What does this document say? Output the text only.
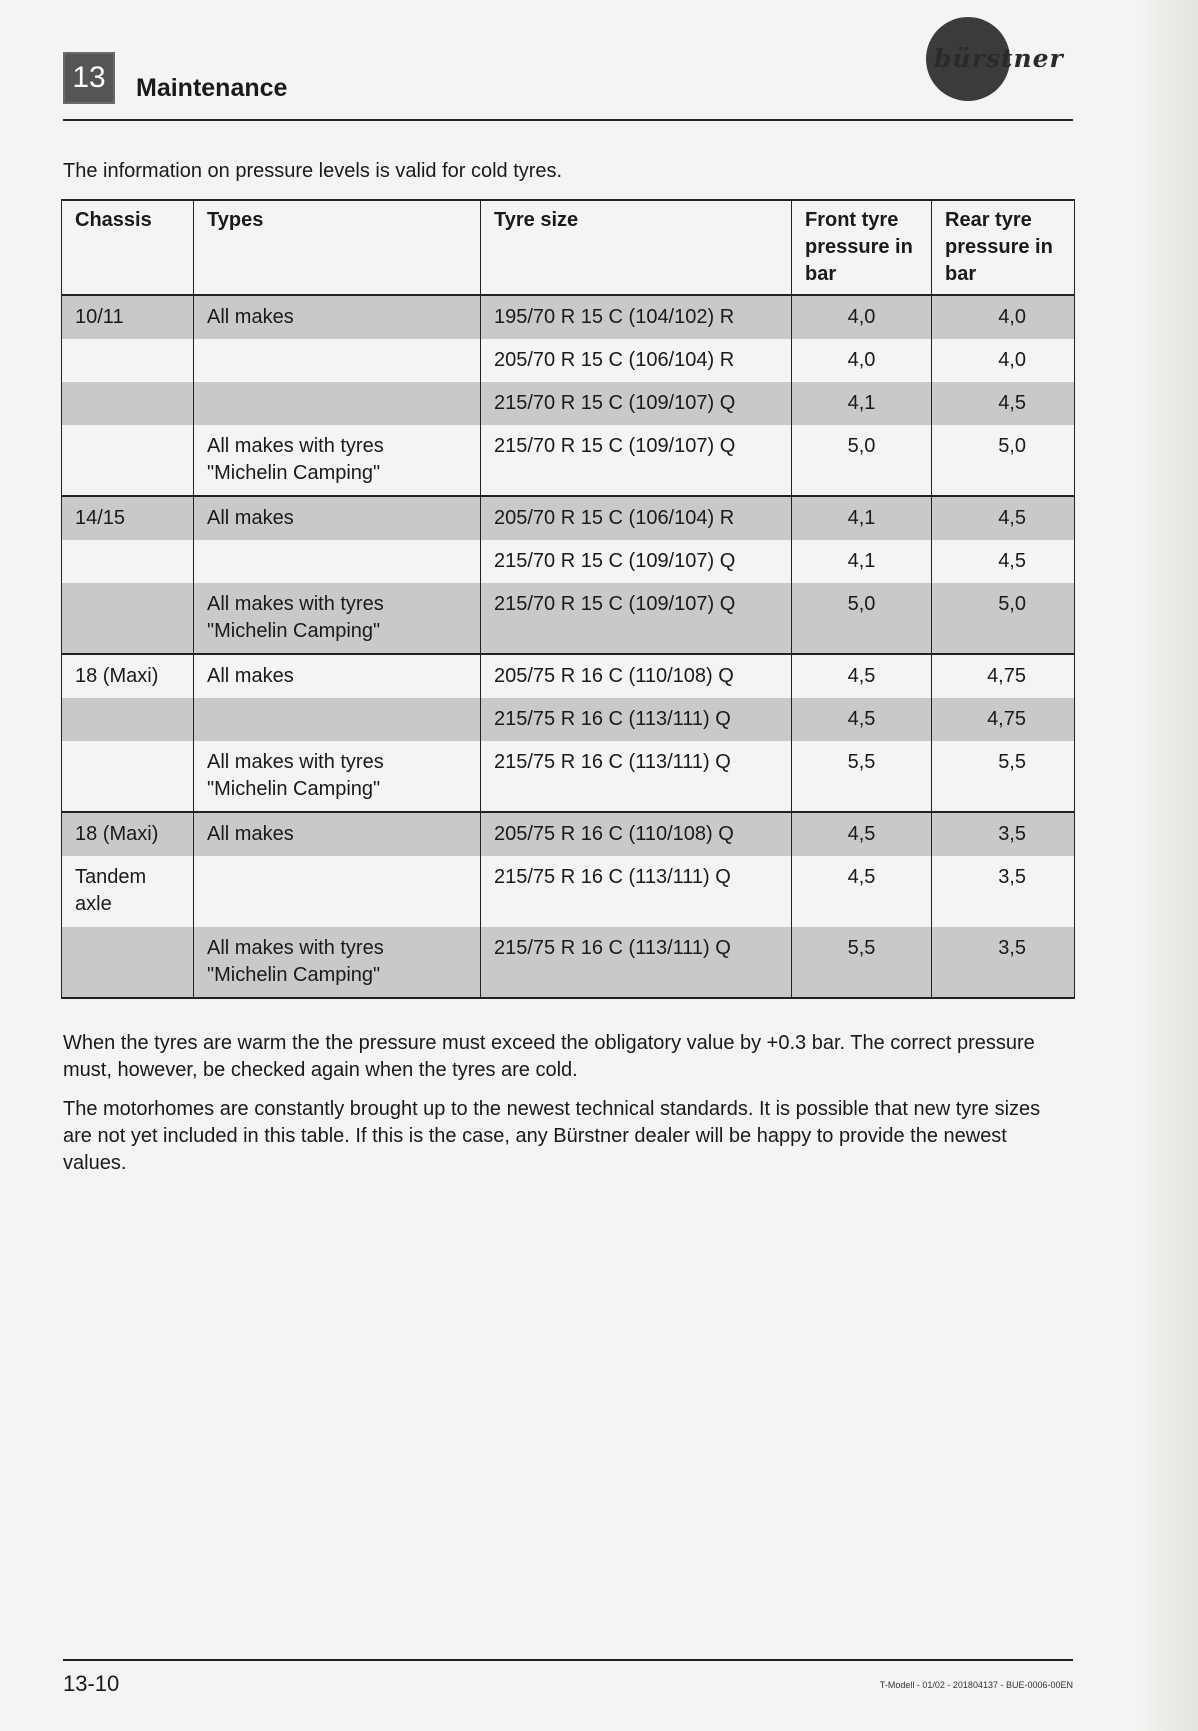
13	Maintenance
bürstner
The information on pressure levels is valid for cold tyres.
Chassis	Types	Tyre size	Front tyre pressure in bar	Rear tyre pressure in bar
10/11	All makes	195/70 R 15 C (104/102) R	4,0	4,0
		205/70 R 15 C (106/104) R	4,0	4,0
		215/70 R 15 C (109/107) Q	4,1	4,5
	All makes with tyres "Michelin Camping"	215/70 R 15 C (109/107) Q	5,0	5,0
14/15	All makes	205/70 R 15 C (106/104) R	4,1	4,5
		215/70 R 15 C (109/107) Q	4,1	4,5
	All makes with tyres "Michelin Camping"	215/70 R 15 C (109/107) Q	5,0	5,0
18 (Maxi)	All makes	205/75 R 16 C (110/108) Q	4,5	4,75
		215/75 R 16 C (113/111) Q	4,5	4,75
	All makes with tyres "Michelin Camping"	215/75 R 16 C (113/111) Q	5,5	5,5
18 (Maxi)	All makes	205/75 R 16 C (110/108) Q	4,5	3,5
Tandem axle		215/75 R 16 C (113/111) Q	4,5	3,5
	All makes with tyres "Michelin Camping"	215/75 R 16 C (113/111) Q	5,5	3,5
When the tyres are warm the the pressure must exceed the obligatory value by +0.3 bar. The correct pressure must, however, be checked again when the tyres are cold.
The motorhomes are constantly brought up to the newest technical standards. It is possible that new tyre sizes are not yet included in this table. If this is the case, any Bürstner dealer will be happy to provide the newest values.
13-10	T-Modell - 01/02 - 201804137 - BUE-0006-00EN
